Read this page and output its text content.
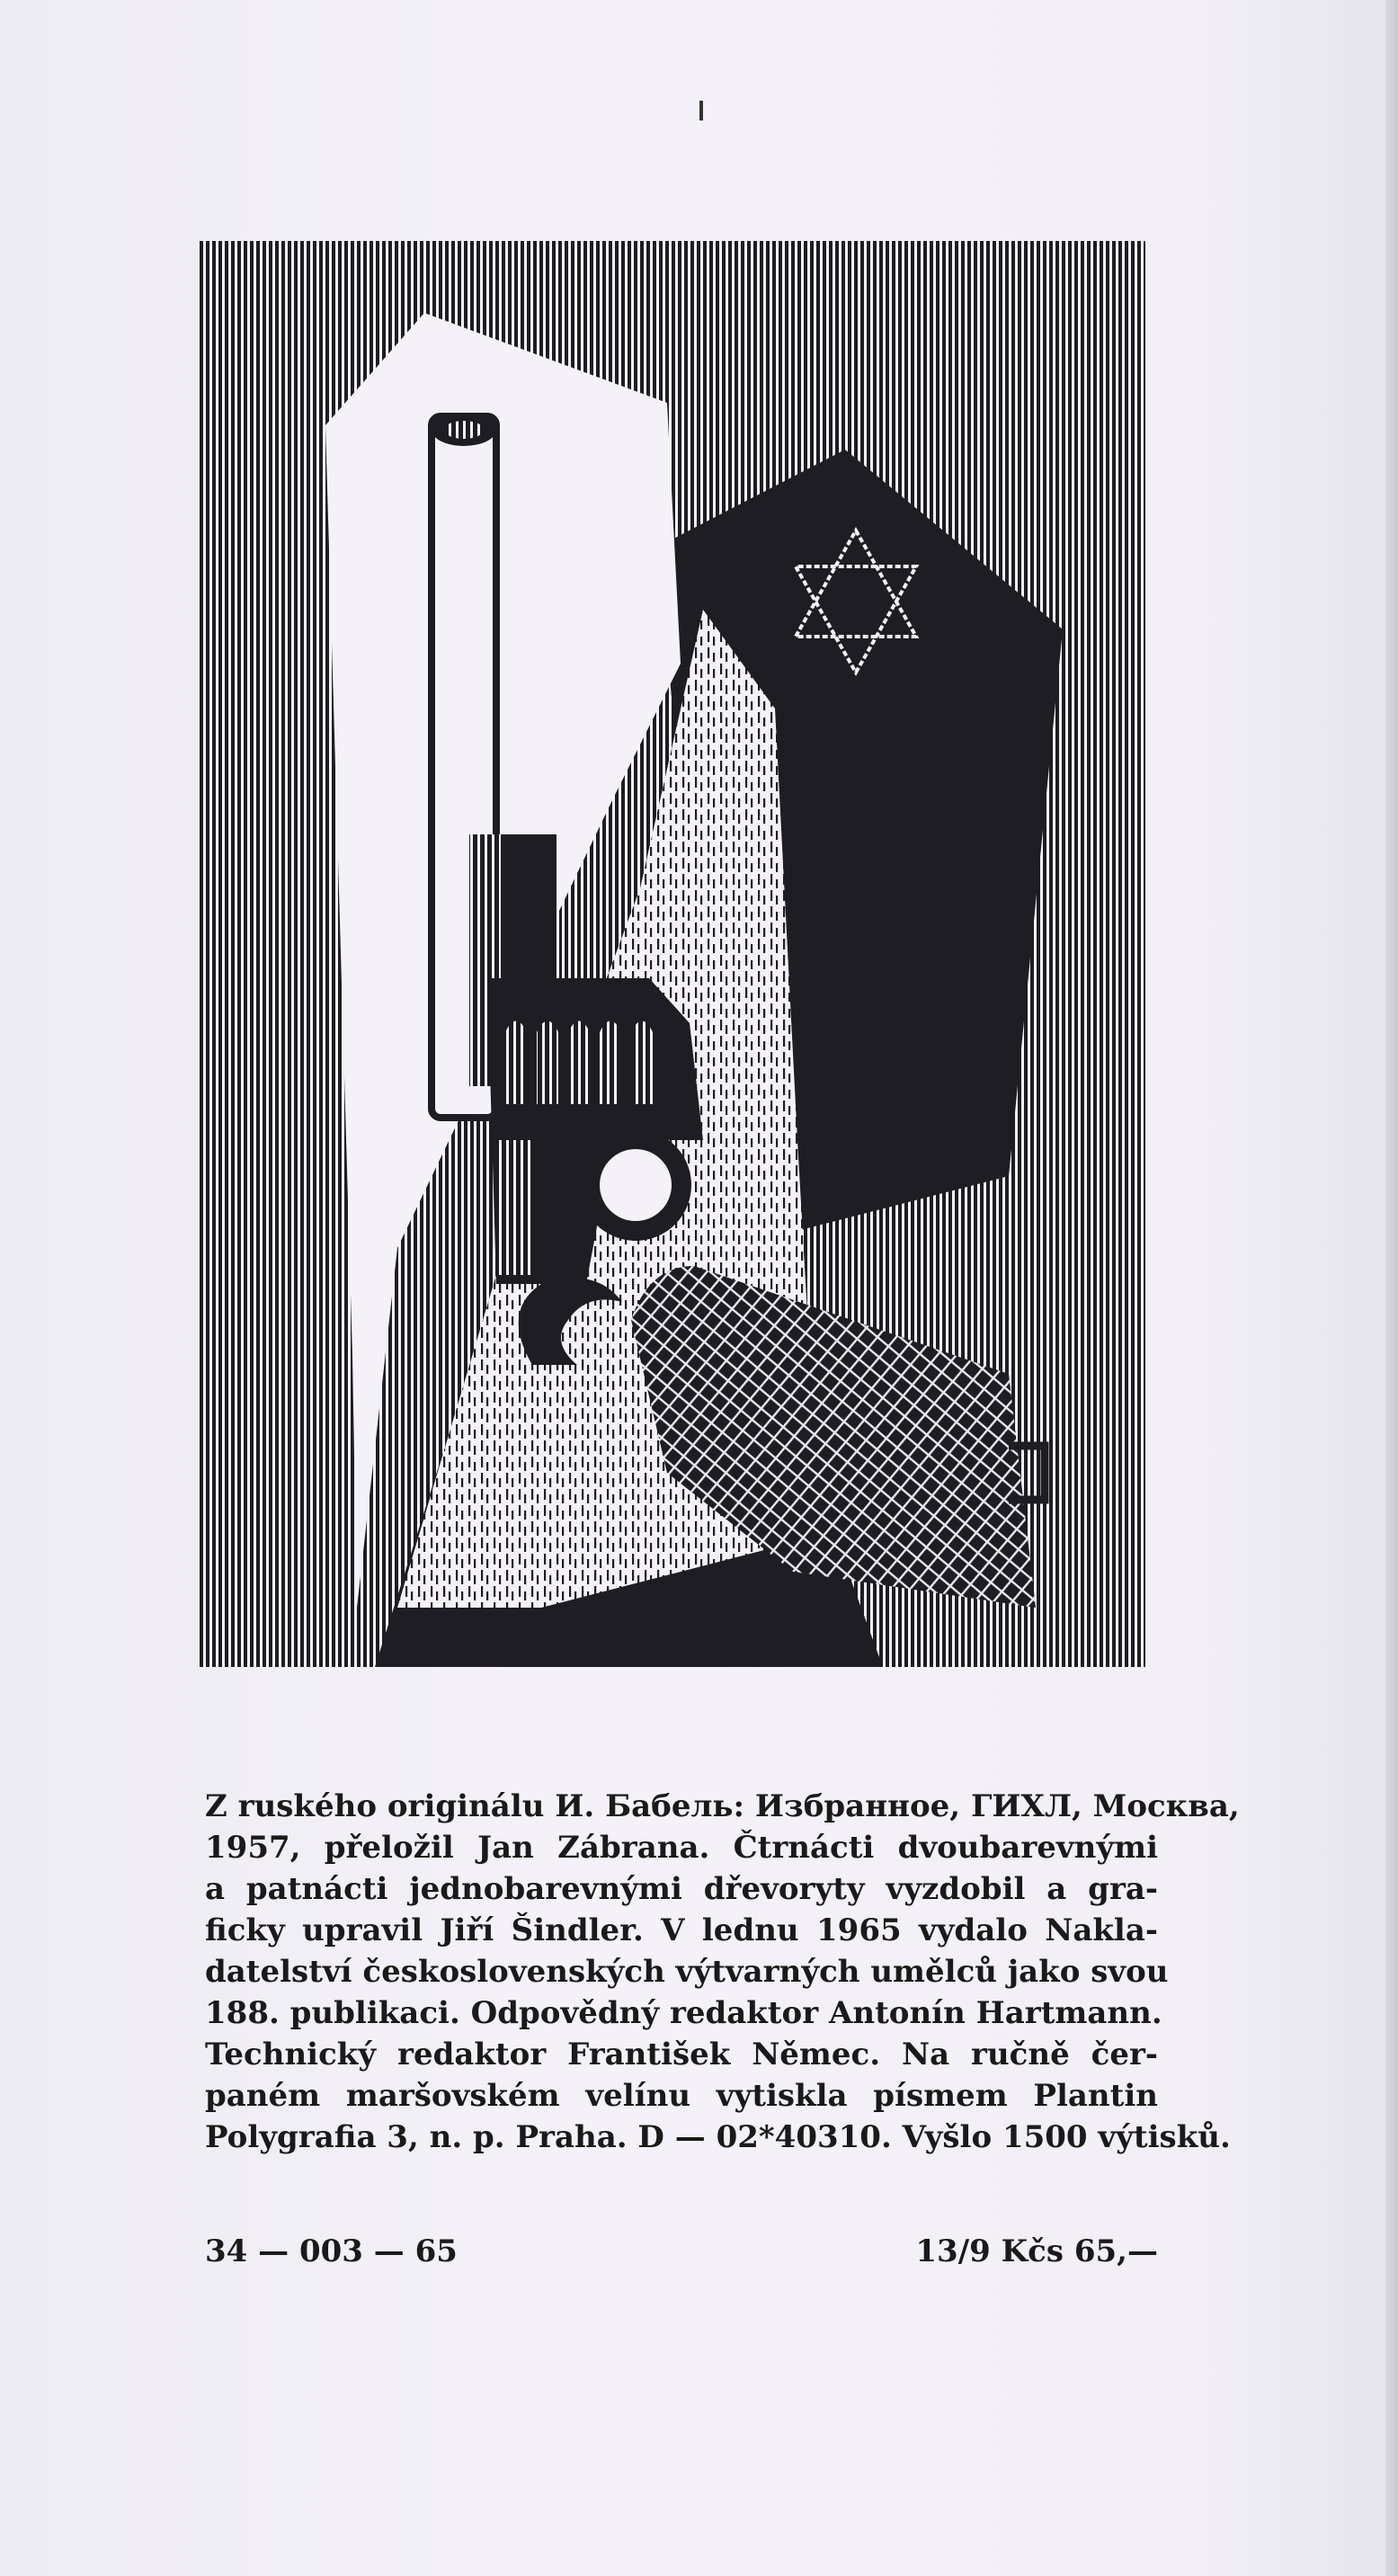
Z ruského originálu И. Бабель: Избранное, ГИХЛ, Москва,
1957, přeložil Jan Zábrana. Čtrnácti dvoubarevnými
a patnácti jednobarevnými dřevoryty vyzdobil a gra-
ficky upravil Jiří Šindler. V lednu 1965 vydalo Nakla-
datelství československých výtvarných umělců jako svou
188. publikaci. Odpovědný redaktor Antonín Hartmann.
Technický redaktor František Němec. Na ručně čer-
paném maršovském velínu vytiskla písmem Plantin
Polygrafia 3, n. p. Praha. D — 02*40310. Vyšlo 1500 výtisků.
34 — 003 — 65	13/9 Kčs 65,—
